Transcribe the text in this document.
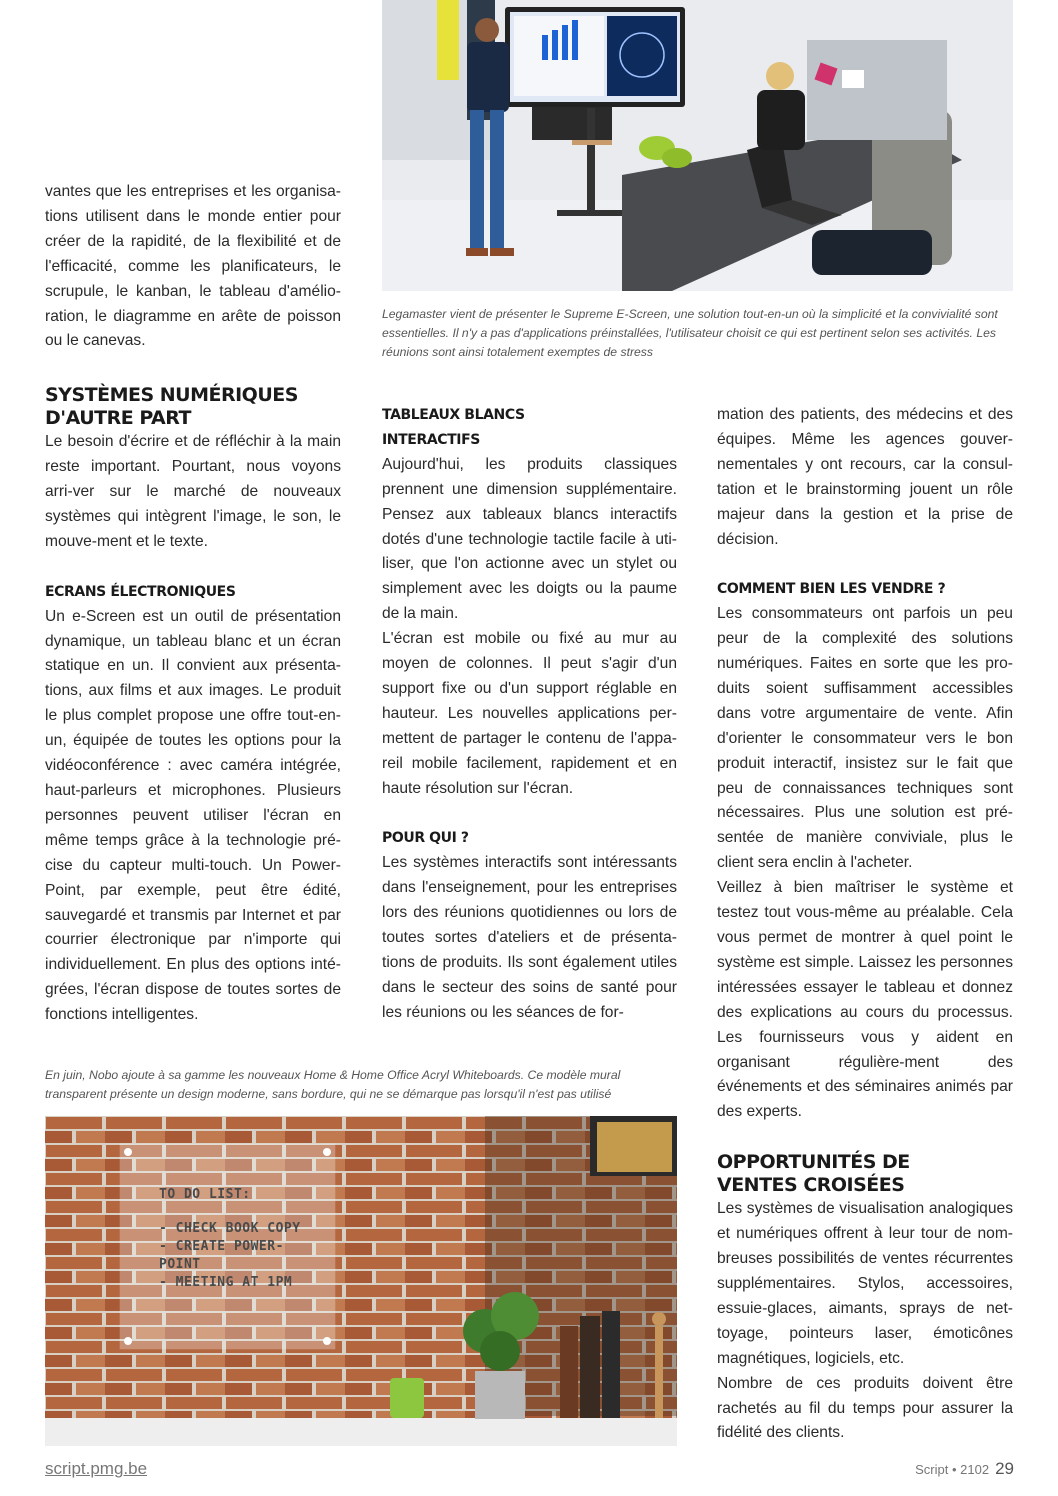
Legamaster vient de présenter le Supreme E-Screen, une solution tout-en-un où la simplicité et la convivialité sont essentielles. Il n'y a pas d'applications préinstallées, l'utilisateur choisit ce qui est pertinent selon ses activités. Les réunions sont ainsi totalement exemptes de stress

vantes que les entreprises et les organisa-tions utilisent dans le monde entier pour créer de la rapidité, de la flexibilité et de l'efficacité, comme les planificateurs, le scrupule, le kanban, le tableau d'amélio-ration, le diagramme en arête de poisson ou le canevas.

SYSTÈMES NUMÉRIQUES D'AUTRE PART

Le besoin d'écrire et de réfléchir à la main reste important. Pourtant, nous voyons arri-ver sur le marché de nouveaux systèmes qui intègrent l'image, le son, le mouve-ment et le texte.

ECRANS ÉLECTRONIQUES

Un e-Screen est un outil de présentation dynamique, un tableau blanc et un écran statique en un. Il convient aux présenta-tions, aux films et aux images. Le produit le plus complet propose une offre tout-en-un, équipée de toutes les options pour la vidéoconférence : avec caméra intégrée, haut-parleurs et microphones. Plusieurs personnes peuvent utiliser l'écran en même temps grâce à la technologie pré-cise du capteur multi-touch. Un Power-Point, par exemple, peut être édité, sauvegardé et transmis par Internet et par courrier électronique par n'importe qui individuellement. En plus des options inté-grées, l'écran dispose de toutes sortes de fonctions intelligentes.

TABLEAUX BLANCS INTERACTIFS

Aujourd'hui, les produits classiques prennent une dimension supplémentaire. Pensez aux tableaux blancs interactifs dotés d'une technologie tactile facile à uti-liser, que l'on actionne avec un stylet ou simplement avec les doigts ou la paume de la main.

L'écran est mobile ou fixé au mur au moyen de colonnes. Il peut s'agir d'un support fixe ou d'un support réglable en hauteur. Les nouvelles applications per-mettent de partager le contenu de l'appa-reil mobile facilement, rapidement et en haute résolution sur l'écran.

POUR QUI ?

Les systèmes interactifs sont intéressants dans l'enseignement, pour les entreprises lors des réunions quotidiennes ou lors de toutes sortes d'ateliers et de présenta-tions de produits. Ils sont également utiles dans le secteur des soins de santé pour les réunions ou les séances de for-

mation des patients, des médecins et des équipes. Même les agences gouver-nementales y ont recours, car la consul-tation et le brainstorming jouent un rôle majeur dans la gestion et la prise de décision.

COMMENT BIEN LES VENDRE ?

Les consommateurs ont parfois un peu peur de la complexité des solutions numériques. Faites en sorte que les pro-duits soient suffisamment accessibles dans votre argumentaire de vente. Afin d'orienter le consommateur vers le bon produit interactif, insistez sur le fait que peu de connaissances techniques sont nécessaires. Plus une solution est pré-sentée de manière conviviale, plus le client sera enclin à l'acheter.

Veillez à bien maîtriser le système et testez tout vous-même au préalable. Cela vous permet de montrer à quel point le système est simple. Laissez les personnes intéressées essayer le tableau et donnez des explications au cours du processus. Les fournisseurs vous y aident en organisant régulière-ment des événements et des séminaires animés par des experts.

OPPORTUNITÉS DE VENTES CROISÉES

Les systèmes de visualisation analogiques et numériques offrent à leur tour de nom-breuses possibilités de ventes récurrentes supplémentaires. Stylos, accessoires, essuie-glaces, aimants, sprays de net-toyage, pointeurs laser, émoticônes magnétiques, logiciels, etc.

Nombre de ces produits doivent être rachetés au fil du temps pour assurer la fidélité des clients.

En juin, Nobo ajoute à sa gamme les nouveaux Home & Home Office Acryl Whiteboards. Ce modèle mural transparent présente un design moderne, sans bordure, qui ne se démarque pas lorsqu'il n'est pas utilisé
TO DO LIST:
- CHECK BOOK COPY
- CREATE POWER-
POINT
- MEETING AT 1PM
script.pmg.be	Script • 2102 29
